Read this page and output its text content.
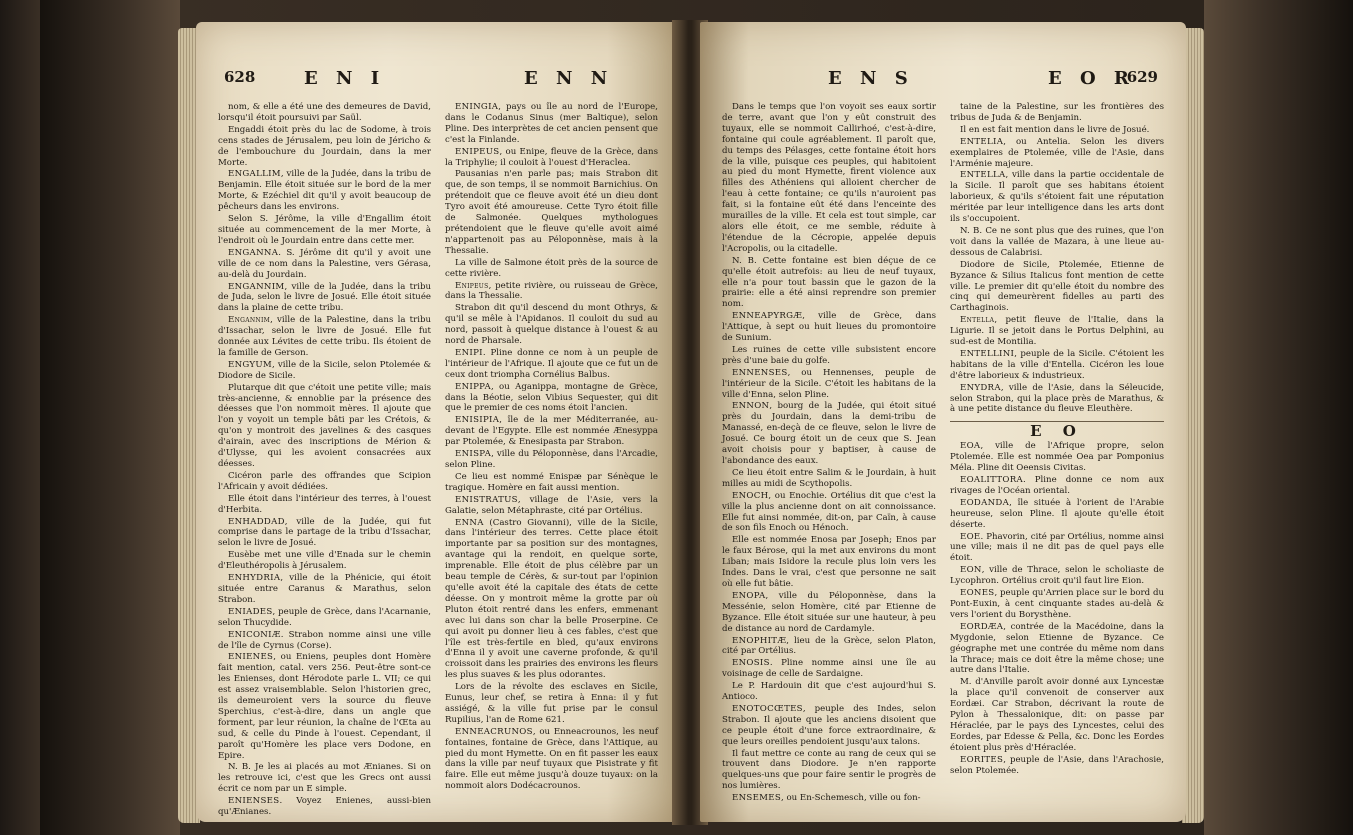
628	E N I	E N N

nom, & elle a été une des demeures de David, lorsqu'il étoit poursuivi par Saül.

Engaddi étoit près du lac de Sodome, à trois cens stades de Jérusalem, peu loin de Jéricho & de l'embouchure du Jourdain, dans la mer Morte.

ENGALLIM, ville de la Judée, dans la tribu de Benjamin. Elle étoit située sur le bord de la mer Morte, & Ezéchiel dit qu'il y avoit beaucoup de pêcheurs dans les environs.

Selon S. Jérôme, la ville d'Engallim étoit située au commencement de la mer Morte, à l'endroit où le Jourdain entre dans cette mer.

ENGANNA. S. Jérôme dit qu'il y avoit une ville de ce nom dans la Palestine, vers Gérasa, au-delà du Jourdain.

ENGANNIM, ville de la Judée, dans la tribu de Juda, selon le livre de Josué. Elle étoit située dans la plaine de cette tribu.

Engannim, ville de la Palestine, dans la tribu d'Issachar, selon le livre de Josué. Elle fut donnée aux Lévites de cette tribu. Ils étoient de la famille de Gerson.

ENGYUM, ville de la Sicile, selon Ptolemée & Diodore de Sicile.

Plutarque dit que c'étoit une petite ville; mais très-ancienne, & ennoblie par la présence des déesses que l'on nommoit mères. Il ajoute que l'on y voyoit un temple bâti par les Crétois, & qu'on y montroit des javelines & des casques d'airain, avec des inscriptions de Mérion & d'Ulysse, qui les avoient consacrées aux déesses.

Cicéron parle des offrandes que Scipion l'Africain y avoit dédiées.

Elle étoit dans l'intérieur des terres, à l'ouest d'Herbita.

ENHADDAD, ville de la Judée, qui fut comprise dans le partage de la tribu d'Issachar, selon le livre de Josué.

Eusèbe met une ville d'Enada sur le chemin d'Eleuthéropolis à Jérusalem.

ENHYDRIA, ville de la Phénicie, qui étoit située entre Caranus & Marathus, selon Strabon.

ENIADES, peuple de Grèce, dans l'Acarnanie, selon Thucydide.

ENICONIÆ. Strabon nomme ainsi une ville de l'île de Cyrnus (Corse).

ENIENES, ou Eniens, peuples dont Homère fait mention, catal. vers 256. Peut-être sont-ce les Enienses, dont Hérodote parle L. VII; ce qui est assez vraisemblable. Selon l'historien grec, ils demeuroient vers la source du fleuve Sperchius, c'est-à-dire, dans un angle que forment, par leur réunion, la chaîne de l'Œta au sud, & celle du Pinde à l'ouest. Cependant, il paroît qu'Homère les place vers Dodone, en Epire.

N. B. Je les ai placés au mot Ænianes. Si on les retrouve ici, c'est que les Grecs ont aussi écrit ce nom par un E simple.

ENIENSES. Voyez Enienes, aussi-bien qu'Ænianes.

ENINGIA, pays ou île au nord de l'Europe, dans le Codanus Sinus (mer Baltique), selon Pline. Des interprètes de cet ancien pensent que c'est la Finlande.

ENIPEUS, ou Enipe, fleuve de la Grèce, dans la Triphylie; il couloit à l'ouest d'Heraclea.

Pausanias n'en parle pas; mais Strabon dit que, de son temps, il se nommoit Barnichius. On prétendoit que ce fleuve avoit été un dieu dont Tyro avoit été amoureuse. Cette Tyro étoit fille de Salmonée. Quelques mythologues prétendoient que le fleuve qu'elle avoit aimé n'appartenoit pas au Péloponnèse, mais à la Thessalie.

La ville de Salmone étoit près de la source de cette rivière.

Enipeus, petite rivière, ou ruisseau de Grèce, dans la Thessalie.

Strabon dit qu'il descend du mont Othrys, & qu'il se mêle à l'Apidanos. Il couloit du sud au nord, passoit à quelque distance à l'ouest & au nord de Pharsale.

ENIPI. Pline donne ce nom à un peuple de l'intérieur de l'Afrique. Il ajoute que ce fut un de ceux dont triompha Cornélius Balbus.

ENIPPA, ou Aganippa, montagne de Grèce, dans la Béotie, selon Vibius Sequester, qui dit que le premier de ces noms étoit l'ancien.

ENISIPIA, île de la mer Méditerranée, au-devant de l'Egypte. Elle est nommée Ænesyppa par Ptolemée, & Enesipasta par Strabon.

ENISPA, ville du Péloponnèse, dans l'Arcadie, selon Pline.

Ce lieu est nommé Enispæ par Sénèque le tragique. Homère en fait aussi mention.

ENISTRATUS, village de l'Asie, vers la Galatie, selon Métaphraste, cité par Ortélius.

ENNA (Castro Giovanni), ville de la Sicile, dans l'intérieur des terres. Cette place étoit importante par sa position sur des montagnes, avantage qui la rendoit, en quelque sorte, imprenable. Elle étoit de plus célèbre par un beau temple de Cérès, & sur-tout par l'opinion qu'elle avoit été la capitale des états de cette déesse. On y montroit même la grotte par où Pluton étoit rentré dans les enfers, emmenant avec lui dans son char la belle Proserpine. Ce qui avoit pu donner lieu à ces fables, c'est que l'île est très-fertile en bled, qu'aux environs d'Enna il y avoit une caverne profonde, & qu'il croissoit dans les prairies des environs les fleurs les plus suaves & les plus odorantes.

Lors de la révolte des esclaves en Sicile, Eunus, leur chef, se retira à Enna: il y fut assiégé, & la ville fut prise par le consul Rupilius, l'an de Rome 621.

ENNEACRUNOS, ou Enneacrounos, les neuf fontaines, fontaine de Grèce, dans l'Attique, au pied du mont Hymette. On en fit passer les eaux dans la ville par neuf tuyaux que Pisistrate y fit faire. Elle eut même jusqu'à douze tuyaux: on la nommoit alors Dodécacrounos.

E N S	E O R
629

Dans le temps que l'on voyoit ses eaux sortir de terre, avant que l'on y eût construit des tuyaux, elle se nommoit Callirhoé, c'est-à-dire, fontaine qui coule agréablement. Il paroît que, du temps des Pélasges, cette fontaine étoit hors de la ville, puisque ces peuples, qui habitoient au pied du mont Hymette, firent violence aux filles des Athéniens qui alloient chercher de l'eau à cette fontaine; ce qu'ils n'auroient pas fait, si la fontaine eût été dans l'enceinte des murailles de la ville. Et cela est tout simple, car alors elle étoit, ce me semble, réduite à l'étendue de la Cécropie, appelée depuis l'Acropolis, ou la citadelle.

N. B. Cette fontaine est bien déçue de ce qu'elle étoit autrefois: au lieu de neuf tuyaux, elle n'a pour tout bassin que le gazon de la prairie: elle a été ainsi reprendre son premier nom.

ENNEAPYRGÆ, ville de Grèce, dans l'Attique, à sept ou huit lieues du promontoire de Sunium.

Les ruines de cette ville subsistent encore près d'une baie du golfe.

ENNENSES, ou Hennenses, peuple de l'intérieur de la Sicile. C'étoit les habitans de la ville d'Enna, selon Pline.

ENNON, bourg de la Judée, qui étoit situé près du Jourdain, dans la demi-tribu de Manassé, en-deçà de ce fleuve, selon le livre de Josué. Ce bourg étoit un de ceux que S. Jean avoit choisis pour y baptiser, à cause de l'abondance des eaux.

Ce lieu étoit entre Salim & le Jourdain, à huit milles au midi de Scythopolis.

ENOCH, ou Enochie. Ortélius dit que c'est la ville la plus ancienne dont on ait connoissance. Elle fut ainsi nommée, dit-on, par Caïn, à cause de son fils Enoch ou Hénoch.

Elle est nommée Enosa par Joseph; Enos par le faux Bérose, qui la met aux environs du mont Liban; mais Isidore la recule plus loin vers les Indes. Dans le vrai, c'est que personne ne sait où elle fut bâtie.

ENOPA, ville du Péloponnèse, dans la Messénie, selon Homère, cité par Etienne de Byzance. Elle étoit située sur une hauteur, à peu de distance au nord de Cardamyle.

ENOPHITÆ, lieu de la Grèce, selon Platon, cité par Ortélius.

ENOSIS. Pline nomme ainsi une île au voisinage de celle de Sardaigne.

Le P. Hardouin dit que c'est aujourd'hui S. Antioco.

ENOTOCŒTES, peuple des Indes, selon Strabon. Il ajoute que les anciens disoient que ce peuple étoit d'une force extraordinaire, & que leurs oreilles pendoient jusqu'aux talons.

Il faut mettre ce conte au rang de ceux qui se trouvent dans Diodore. Je n'en rapporte quelques-uns que pour faire sentir le progrès de nos lumières.

ENSEMES, ou En-Schemesch, ville ou fon-

taine de la Palestine, sur les frontières des tribus de Juda & de Benjamin.

Il en est fait mention dans le livre de Josué.

ENTELIA, ou Antelia. Selon les divers exemplaires de Ptolemée, ville de l'Asie, dans l'Arménie majeure.

ENTELLA, ville dans la partie occidentale de la Sicile. Il paroît que ses habitans étoient laborieux, & qu'ils s'étoient fait une réputation méritée par leur intelligence dans les arts dont ils s'occupoient.

N. B. Ce ne sont plus que des ruines, que l'on voit dans la vallée de Mazara, à une lieue au-dessous de Calabrisi.

Diodore de Sicile, Ptolemée, Etienne de Byzance & Silius Italicus font mention de cette ville. Le premier dit qu'elle étoit du nombre des cinq qui demeurèrent fidelles au parti des Carthaginois.

Entella, petit fleuve de l'Italie, dans la Ligurie. Il se jetoit dans le Portus Delphini, au sud-est de Montilia.

ENTELLINI, peuple de la Sicile. C'étoient les habitans de la ville d'Entella. Cicéron les loue d'être laborieux & industrieux.

ENYDRA, ville de l'Asie, dans la Séleucide, selon Strabon, qui la place près de Marathus, & à une petite distance du fleuve Eleuthère.

E O

EOA, ville de l'Afrique propre, selon Ptolemée. Elle est nommée Oea par Pomponius Méla. Pline dit Oeensis Civitas.

EOALITTORA. Pline donne ce nom aux rivages de l'Océan oriental.

EODANDA, île située à l'orient de l'Arabie heureuse, selon Pline. Il ajoute qu'elle étoit déserte.

EOE. Phavorin, cité par Ortélius, nomme ainsi une ville; mais il ne dit pas de quel pays elle étoit.

EON, ville de Thrace, selon le scholiaste de Lycophron. Ortélius croit qu'il faut lire Eion.

EONES, peuple qu'Arrien place sur le bord du Pont-Euxin, à cent cinquante stades au-delà & vers l'orient du Borysthène.

EORDÆA, contrée de la Macédoine, dans la Mygdonie, selon Etienne de Byzance. Ce géographe met une contrée du même nom dans la Thrace; mais ce doit être la même chose; une autre dans l'Italie.

M. d'Anville paroît avoir donné aux Lyncestæ la place qu'il convenoit de conserver aux Eordæi. Car Strabon, décrivant la route de Pylon à Thessalonique, dit: on passe par Héraclée, par le pays des Lyncestes, celui des Eordes, par Edesse & Pella, &c. Donc les Eordes étoient plus près d'Héraclée.

EORITES, peuple de l'Asie, dans l'Arachosie, selon Ptolemée.
